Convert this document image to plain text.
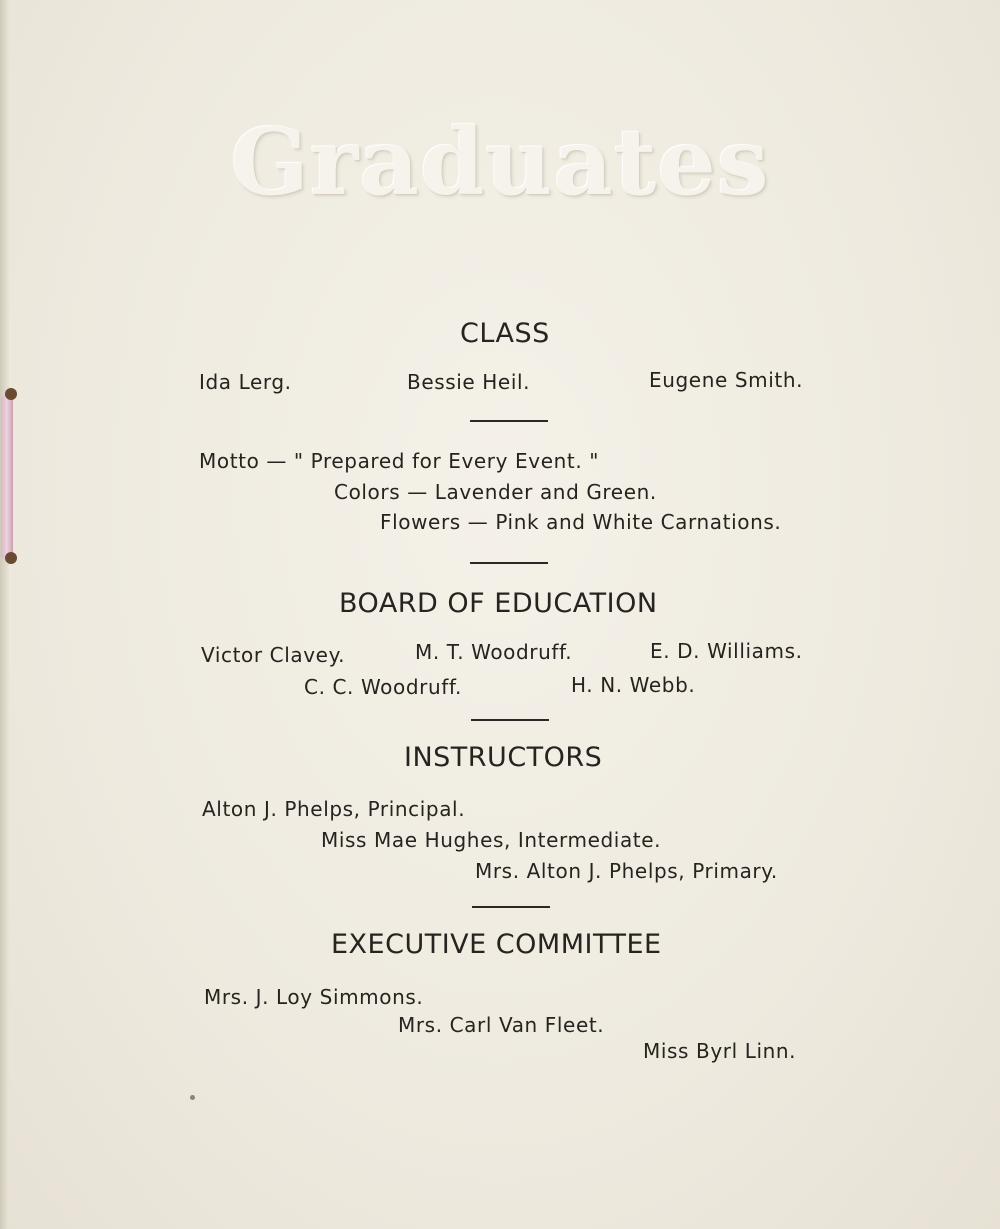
Graduates
CLASS
Ida Lerg.	Bessie Heil.	Eugene Smith.
Motto — " Prepared for Every Event. "
Colors — Lavender and Green.
Flowers — Pink and White Carnations.
BOARD OF EDUCATION
Victor Clavey.	M. T. Woodruff.	E. D. Williams.
C. C. Woodruff.	H. N. Webb.
INSTRUCTORS
Alton J. Phelps, Principal.
Miss Mae Hughes, Intermediate.
Mrs. Alton J. Phelps, Primary.
EXECUTIVE COMMITTEE
Mrs. J. Loy Simmons.
Mrs. Carl Van Fleet.
Miss Byrl Linn.
